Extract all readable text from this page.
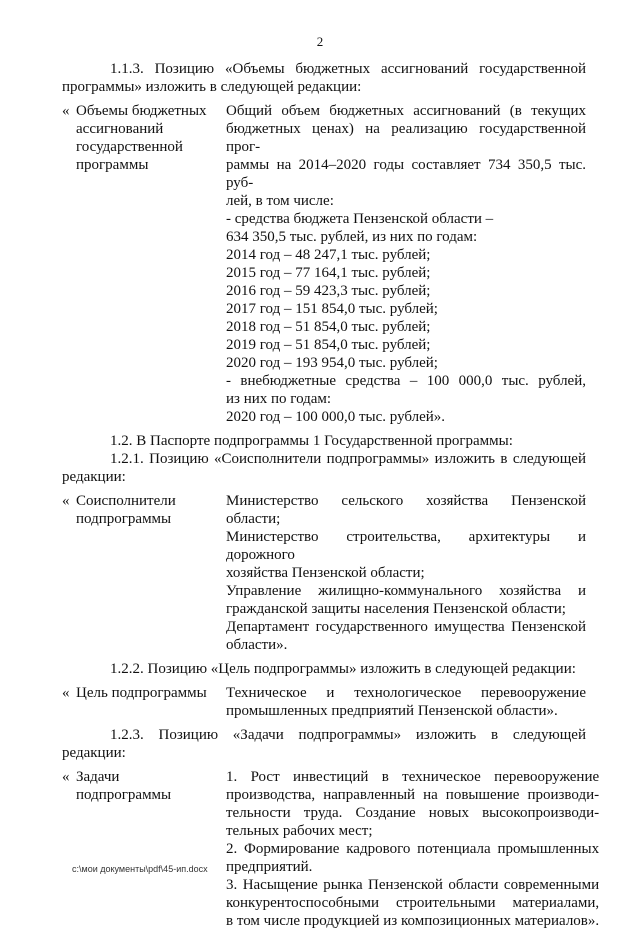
2

1.1.3. Позицию «Объемы бюджетных ассигнований государственной
программы» изложить в следующей редакции:

« Объемы бюджетных
ассигнований
государственной
программы
Общий объем бюджетных ассигнований (в текущих
бюджетных ценах) на реализацию государственной прог-
раммы на 2014–2020 годы составляет 734 350,5 тыс. руб-
лей, в том числе:
- средства бюджета Пензенской области –
634 350,5 тыс. рублей, из них по годам:
2014 год – 48 247,1 тыс. рублей;
2015 год – 77 164,1 тыс. рублей;
2016 год – 59 423,3 тыс. рублей;
2017 год – 151 854,0 тыс. рублей;
2018 год – 51 854,0 тыс. рублей;
2019 год – 51 854,0 тыс. рублей;
2020 год – 193 954,0 тыс. рублей;
- внебюджетные средства – 100 000,0 тыс. рублей,
из них по годам:
2020 год – 100 000,0 тыс. рублей».

1.2. В Паспорте подпрограммы 1 Государственной программы:

1.2.1. Позицию «Соисполнители подпрограммы» изложить в следующей
редакции:

« Соисполнители
подпрограммы
Министерство сельского хозяйства Пензенской
области;
Министерство строительства, архитектуры и дорожного
хозяйства Пензенской области;
Управление жилищно-коммунального хозяйства и
гражданской защиты населения Пензенской области;
Департамент государственного имущества Пензенской
области».

1.2.2. Позицию «Цель подпрограммы» изложить в следующей редакции:

« Цель подпрограммы	Техническое и технологическое перевооружение
промышленных предприятий Пензенской области».

1.2.3. Позицию «Задачи подпрограммы» изложить в следующей
редакции:

« Задачи
подпрограммы
1. Рост инвестиций в техническое перевооружение
производства, направленный на повышение производи-
тельности труда. Создание новых высокопроизводи-
тельных рабочих мест;
2. Формирование кадрового потенциала промышленных
предприятий.
3. Насыщение рынка Пензенской области современными
конкурентоспособными строительными материалами,
в том числе продукцией из композиционных материалов».
c:\мои документы\pdf\45-ип.docx
